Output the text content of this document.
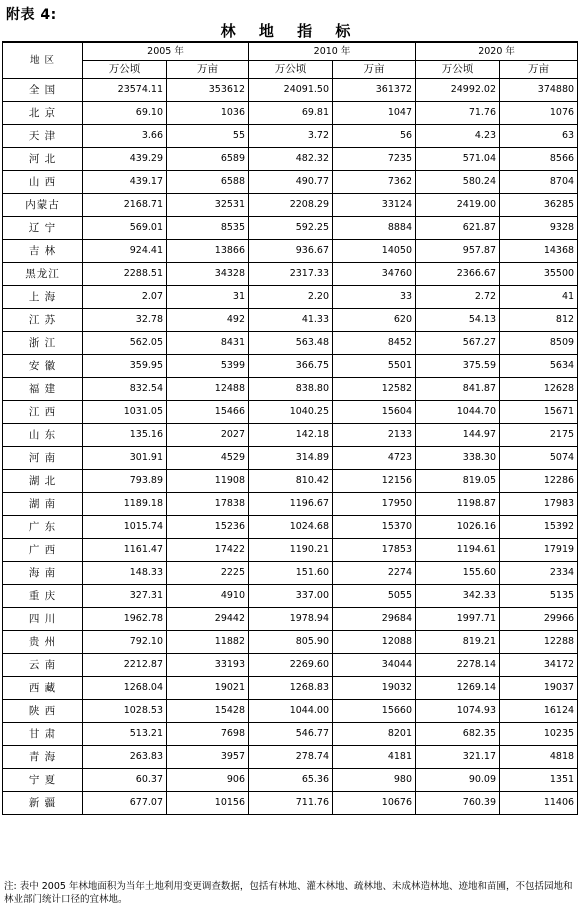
附表 4:
林 地 指 标
地 区	2005 年		2010 年		2020 年	
	万公顷	万亩	万公顷	万亩	万公顷	万亩
全 国	23574.11	353612	24091.50	361372	24992.02	374880
北 京	69.10	1036	69.81	1047	71.76	1076
天 津	3.66	55	3.72	56	4.23	63
河 北	439.29	6589	482.32	7235	571.04	8566
山 西	439.17	6588	490.77	7362	580.24	8704
内蒙古	2168.71	32531	2208.29	33124	2419.00	36285
辽 宁	569.01	8535	592.25	8884	621.87	9328
吉 林	924.41	13866	936.67	14050	957.87	14368
黑龙江	2288.51	34328	2317.33	34760	2366.67	35500
上 海	2.07	31	2.20	33	2.72	41
江 苏	32.78	492	41.33	620	54.13	812
浙 江	562.05	8431	563.48	8452	567.27	8509
安 徽	359.95	5399	366.75	5501	375.59	5634
福 建	832.54	12488	838.80	12582	841.87	12628
江 西	1031.05	15466	1040.25	15604	1044.70	15671
山 东	135.16	2027	142.18	2133	144.97	2175
河 南	301.91	4529	314.89	4723	338.30	5074
湖 北	793.89	11908	810.42	12156	819.05	12286
湖 南	1189.18	17838	1196.67	17950	1198.87	17983
广 东	1015.74	15236	1024.68	15370	1026.16	15392
广 西	1161.47	17422	1190.21	17853	1194.61	17919
海 南	148.33	2225	151.60	2274	155.60	2334
重 庆	327.31	4910	337.00	5055	342.33	5135
四 川	1962.78	29442	1978.94	29684	1997.71	29966
贵 州	792.10	11882	805.90	12088	819.21	12288
云 南	2212.87	33193	2269.60	34044	2278.14	34172
西 藏	1268.04	19021	1268.83	19032	1269.14	19037
陕 西	1028.53	15428	1044.00	15660	1074.93	16124
甘 肃	513.21	7698	546.77	8201	682.35	10235
青 海	263.83	3957	278.74	4181	321.17	4818
宁 夏	60.37	906	65.36	980	90.09	1351
新 疆	677.07	10156	711.76	10676	760.39	11406
注: 表中 2005 年林地面积为当年土地利用变更调查数据，包括有林地、灌木林地、疏林地、未成林造林地、迹地和苗圃，不包括园地和林业部门统计口径的宜林地。
